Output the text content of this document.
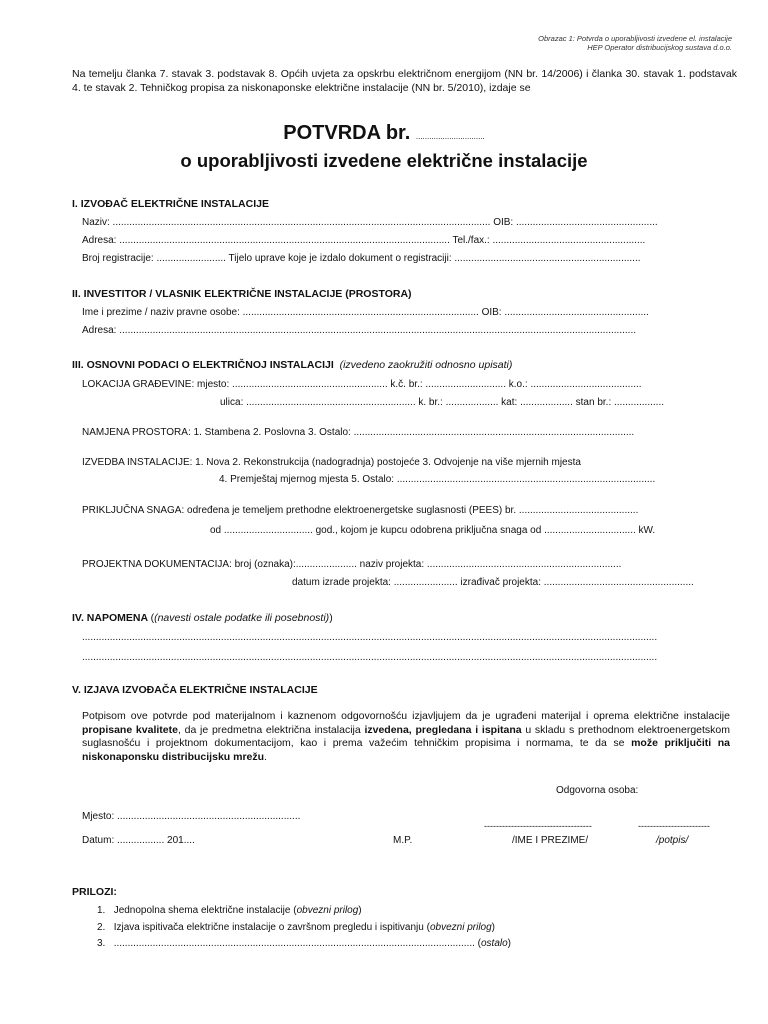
Obrazac 1: Potvrda o uporabljivosti izvedene el. instalacije
HEP Operator distribucijskog sustava d.o.o.
Na temelju članka 7. stavak 3. podstavak 8. Općih uvjeta za opskrbu električnom energijom (NN br. 14/2006) i članka 30. stavak 1. podstavak 4. te stavak 2. Tehničkog propisa za niskonaponske električne instalacije (NN br. 5/2010), izdaje se
POTVRDA br. ...............................
o uporabljivosti izvedene električne instalacije
I. IZVOĐAČ ELEKTRIČNE INSTALACIJE
Naziv: ........................................................................................................................................ OIB: ...................................................
Adresa: ....................................................................................................................... Tel./fax.: .......................................................
Broj registracije: ......................... Tijelo uprave koje je izdalo dokument o registraciji: ...................................................................
II. INVESTITOR / VLASNIK ELEKTRIČNE INSTALACIJE (PROSTORA)
Ime i prezime / naziv pravne osobe: ..................................................................................... OIB: ....................................................
Adresa: ..........................................................................................................................................................................................
III. OSNOVNI PODACI O ELEKTRIČNOJ INSTALACIJI (izvedeno zaokružiti odnosno upisati)
LOKACIJA GRAĐEVINE: mjesto: ........................................................ k.č. br.: ............................. k.o.: ........................................
ulica: ............................................................. k. br.: ................... kat: ................... stan br.: ..................
NAMJENA PROSTORA: 1. Stambena 2. Poslovna 3. Ostalo: .....................................................................................................
IZVEDBA INSTALACIJE: 1. Nova 2. Rekonstrukcija (nadogradnja) postojeće 3. Odvojenje na više mjernih mjesta
4. Premještaj mjernog mjesta 5. Ostalo: .............................................................................................
PRIKLJUČNA SNAGA: određena je temeljem prethodne elektroenergetske suglasnosti (PEES) br. ...........................................
od ................................ god., kojom je kupcu odobrena priključna snaga od ................................. kW.
PROJEKTNA DOKUMENTACIJA: broj (oznaka):...................... naziv projekta: ......................................................................
datum izrade projekta: ....................... izrađivač projekta: ......................................................
IV. NAPOMENA ((navesti ostale podatke ili posebnosti))
...............................................................................................................................................................................................................
...............................................................................................................................................................................................................
V. IZJAVA IZVOĐAČA ELEKTRIČNE INSTALACIJE
Potpisom ove potvrde pod materijalnom i kaznenom odgovornošću izjavljujem da je ugrađeni materijal i oprema električne instalacije propisane kvalitete, da je predmetna električna instalacija izvedena, pregledana i ispitana u skladu s prethodnom elektroenergetskom suglasnošću i projektnom dokumentacijom, kao i prema važećim tehničkim propisima i normama, te da se može priključiti na niskonaponsku distribucijsku mrežu.
Odgovorna osoba:
Mjesto: ..................................................................
------------------------------------	------------------------
Datum: ................. 201....	M.P.	/IME I PREZIME/	/potpis/
PRILOZI:
1. Jednopolna shema električne instalacije (obvezni prilog)
2. Izjava ispitivača električne instalacije o završnom pregledu i ispitivanju (obvezni prilog)
3. .................................................................................................................................. (ostalo)
